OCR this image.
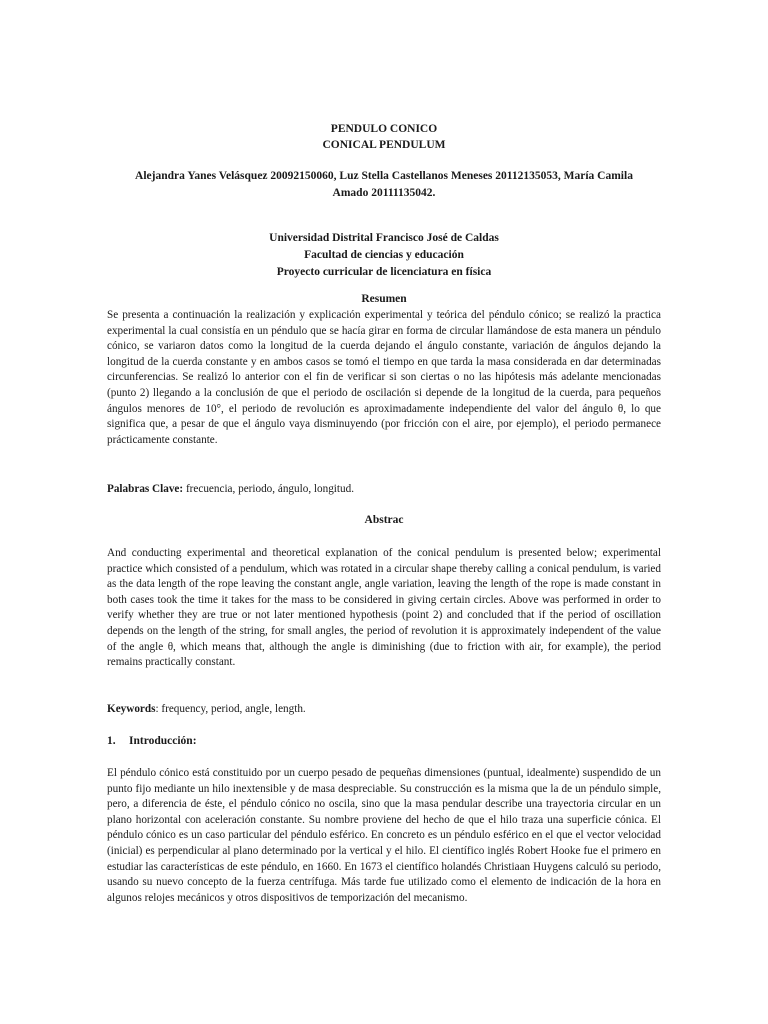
PENDULO CONICO
CONICAL PENDULUM
Alejandra Yanes Velásquez 20092150060, Luz Stella Castellanos Meneses 20112135053, María Camila
Amado 20111135042.
Universidad Distrital Francisco José de Caldas
Facultad de ciencias y educación
Proyecto curricular de licenciatura en física
Resumen

Se presenta a continuación la realización y explicación experimental y teórica del péndulo cónico; se realizó la practica experimental la cual consistía en un péndulo que se hacía girar en forma de circular llamándose de esta manera un péndulo cónico, se variaron datos como la longitud de la cuerda dejando el ángulo constante, variación de ángulos dejando la longitud de la cuerda constante y en ambos casos se tomó el tiempo en que tarda la masa considerada en dar determinadas circunferencias. Se realizó lo anterior con el fin de verificar si son ciertas o no las hipótesis más adelante mencionadas (punto 2) llegando a la conclusión de que el periodo de oscilación si depende de la longitud de la cuerda, para pequeños ángulos menores de 10°, el periodo de revolución es aproximadamente independiente del valor del ángulo θ, lo que significa que, a pesar de que el ángulo vaya disminuyendo (por fricción con el aire, por ejemplo), el periodo permanece prácticamente constante.

Palabras Clave: frecuencia, periodo, ángulo, longitud.

Abstrac

And conducting experimental and theoretical explanation of the conical pendulum is presented below; experimental practice which consisted of a pendulum, which was rotated in a circular shape thereby calling a conical pendulum, is varied as the data length of the rope leaving the constant angle, angle variation, leaving the length of the rope is made constant in both cases took the time it takes for the mass to be considered in giving certain circles. Above was performed in order to verify whether they are true or not later mentioned hypothesis (point 2) and concluded that if the period of oscillation depends on the length of the string, for small angles, the period of revolution it is approximately independent of the value of the angle θ, which means that, although the angle is diminishing (due to friction with air, for example), the period remains practically constant.

Keywords: frequency, period, angle, length.

1. Introducción:

El péndulo cónico está constituido por un cuerpo pesado de pequeñas dimensiones (puntual, idealmente) suspendido de un punto fijo mediante un hilo inextensible y de masa despreciable. Su construcción es la misma que la de un péndulo simple, pero, a diferencia de éste, el péndulo cónico no oscila, sino que la masa pendular describe una trayectoria circular en un plano horizontal con aceleración constante. Su nombre proviene del hecho de que el hilo traza una superficie cónica. El péndulo cónico es un caso particular del péndulo esférico. En concreto es un péndulo esférico en el que el vector velocidad (inicial) es perpendicular al plano determinado por la vertical y el hilo. El científico inglés Robert Hooke fue el primero en estudiar las características de este péndulo, en 1660. En 1673 el científico holandés Christiaan Huygens calculó su periodo, usando su nuevo concepto de la fuerza centrífuga. Más tarde fue utilizado como el elemento de indicación de la hora en algunos relojes mecánicos y otros dispositivos de temporización del mecanismo.
